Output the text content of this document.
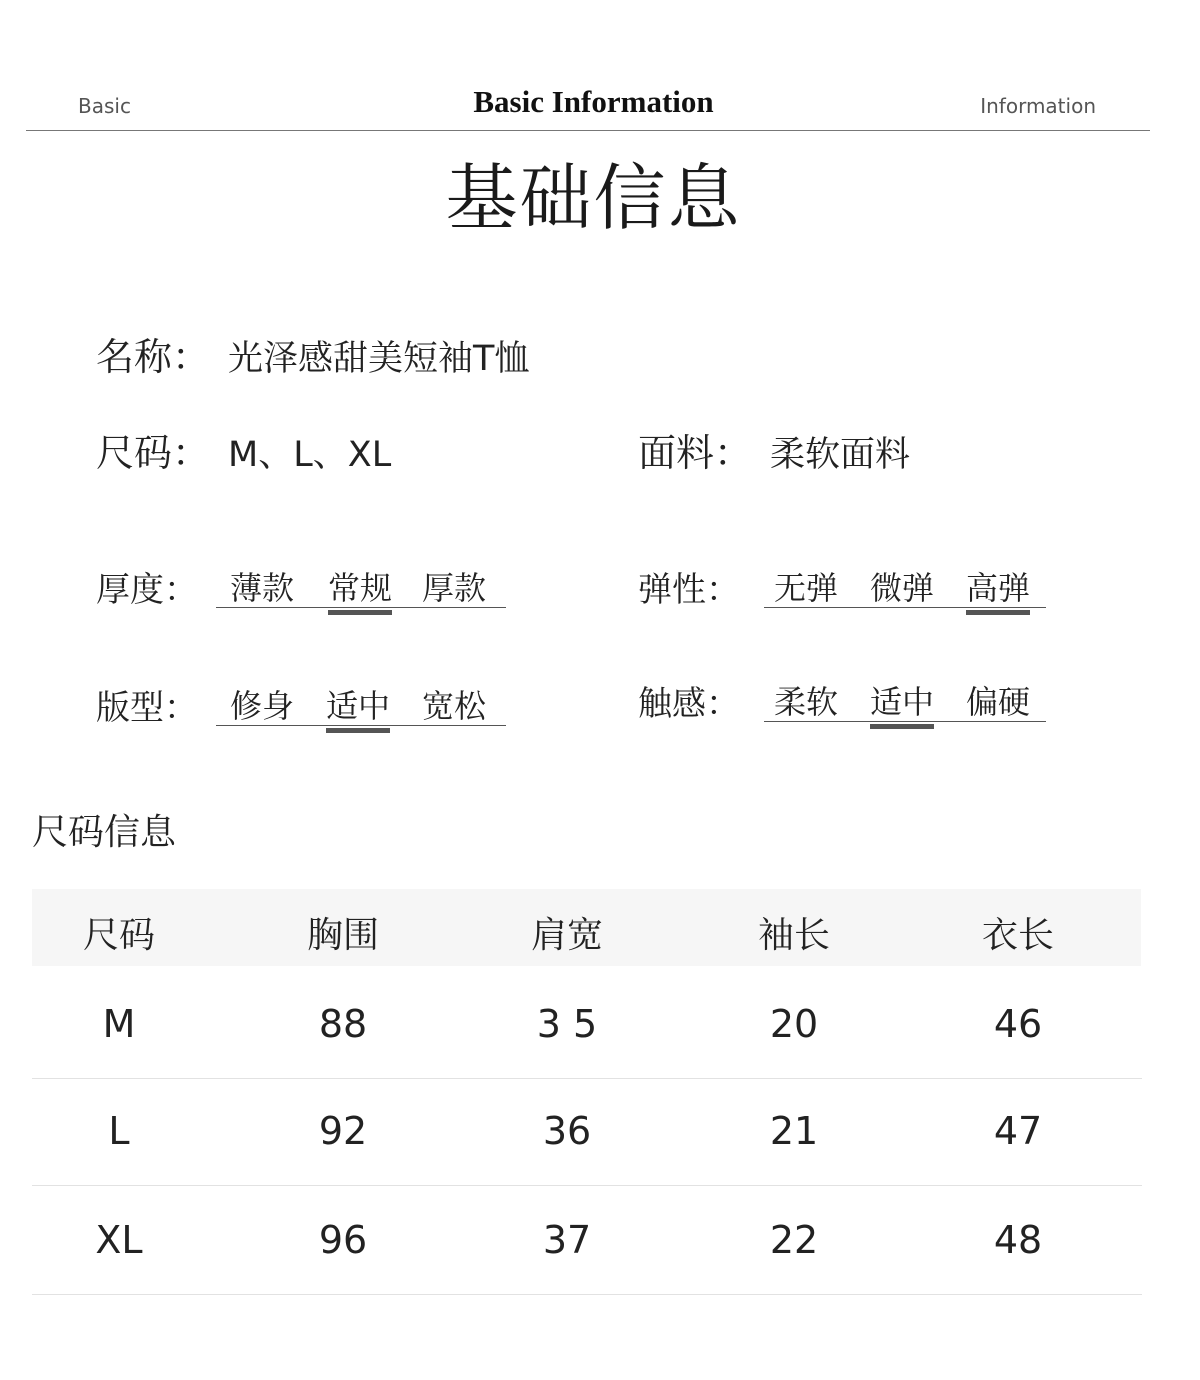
Basic	Basic Information	Information
基础信息
名称： 光泽感甜美短袖T恤
尺码： M、L、XL	面料： 柔软面料
厚度： 薄款 常规 厚款	弹性： 无弹 微弹 高弹
版型： 修身 适中 宽松	触感： 柔软 适中 偏硬
尺码信息
尺码	胸围	肩宽	袖长	衣长
M	88	3 5	20	46
L	92	36	21	47
XL	96	37	22	48
